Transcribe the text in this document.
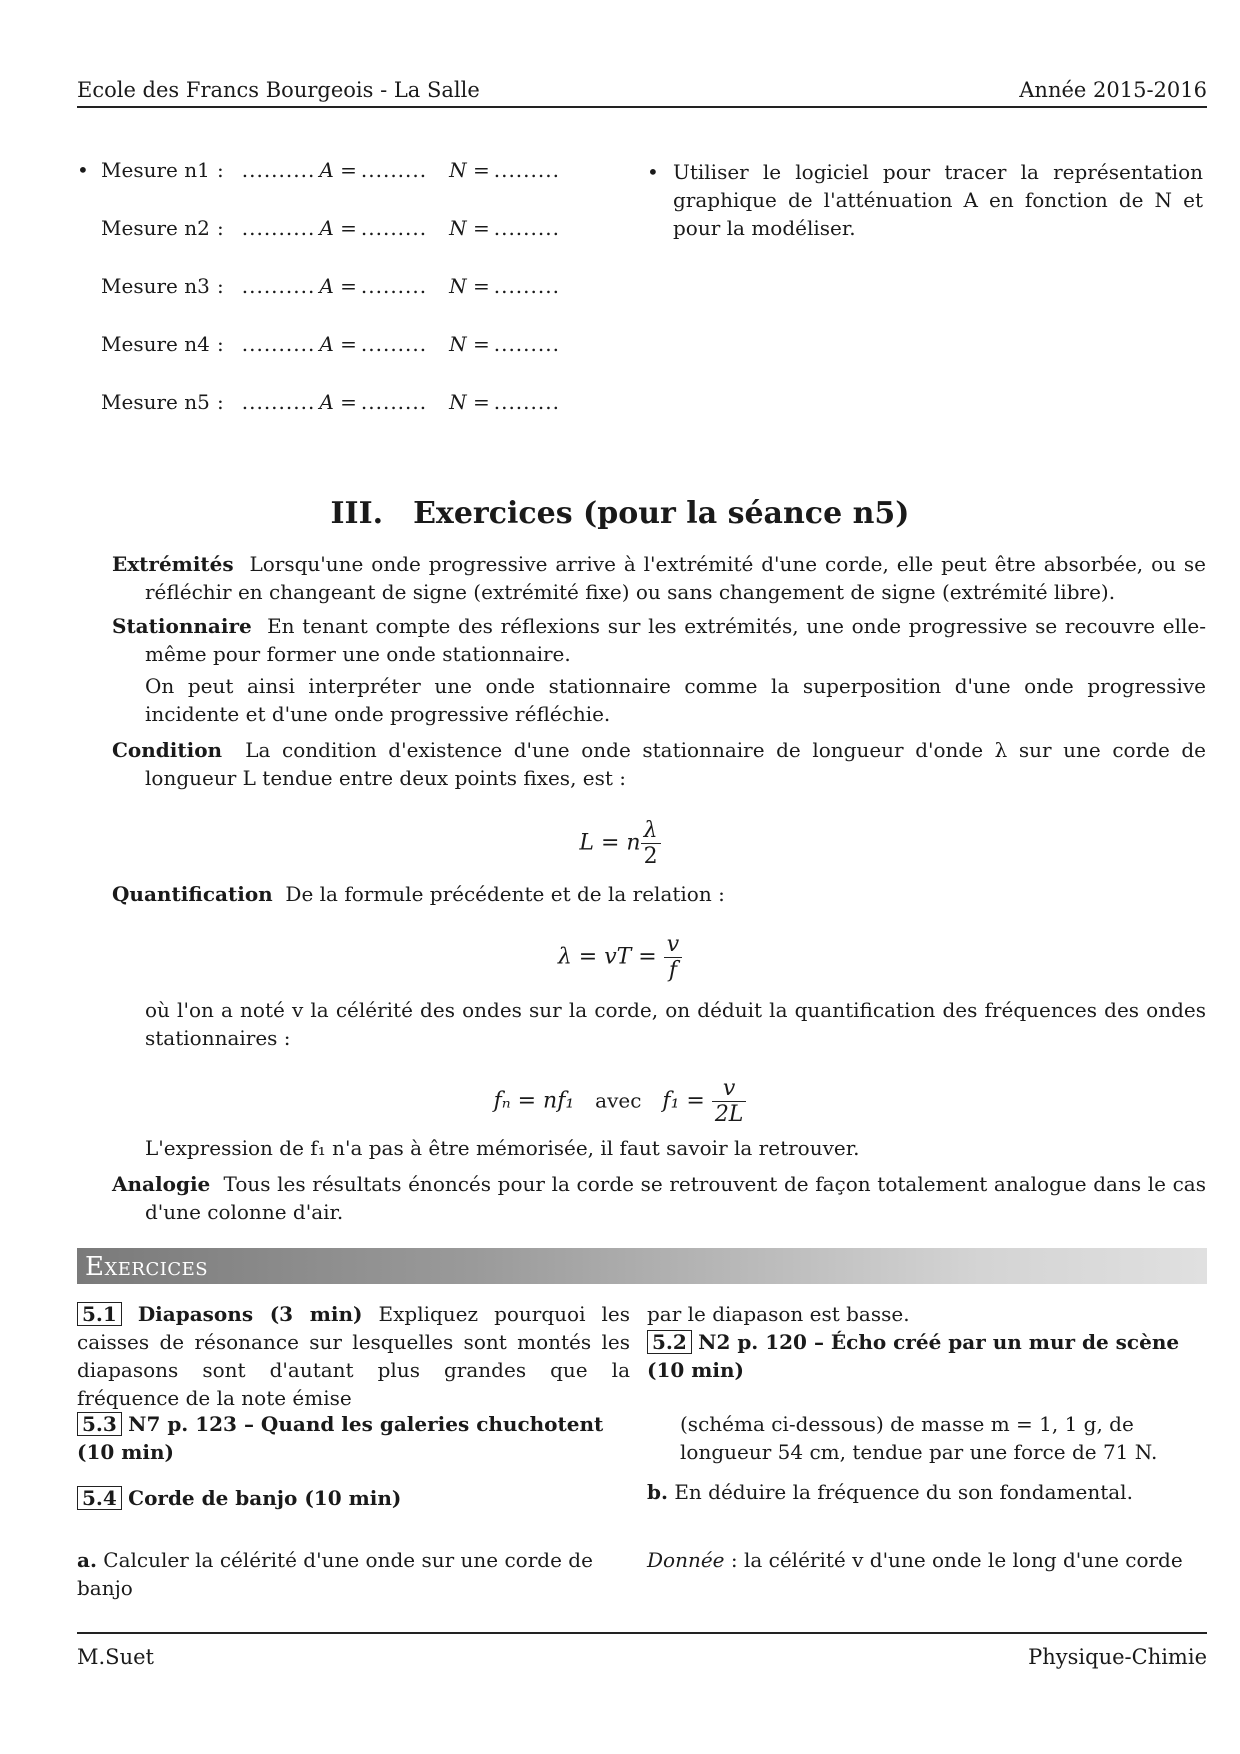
Ecole des Francs Bourgeois - La Salle	Année 2015-2016
• Mesure n1 : .......... A = ......... N = .........
Mesure n2 : .......... A = ......... N = .........
Mesure n3 : .......... A = ......... N = .........
Mesure n4 : .......... A = ......... N = .........
Mesure n5 : .......... A = ......... N = .........
• Utiliser le logiciel pour tracer la représentation graphique de l'atténuation A en fonction de N et pour la modéliser.
III. Exercices (pour la séance n5)
Extrémités Lorsqu'une onde progressive arrive à l'extrémité d'une corde, elle peut être absorbée, ou se réfléchir en changeant de signe (extrémité fixe) ou sans changement de signe (extrémité libre).
Stationnaire En tenant compte des réflexions sur les extrémités, une onde progressive se recouvre elle-même pour former une onde stationnaire.
On peut ainsi interpréter une onde stationnaire comme la superposition d'une onde progressive incidente et d'une onde progressive réfléchie.
Condition La condition d'existence d'une onde stationnaire de longueur d'onde λ sur une corde de longueur L tendue entre deux points fixes, est :
L = n $\frac{\lambda}{2}$
Quantification De la formule précédente et de la relation :
λ = vT = $\frac{v}{f}$
où l'on a noté v la célérité des ondes sur la corde, on déduit la quantification des fréquences des ondes stationnaires :
fₙ = nf₁ avec $f_1 = \frac{v}{2L}$
L'expression de f₁ n'a pas à être mémorisée, il faut savoir la retrouver.
Analogie Tous les résultats énoncés pour la corde se retrouvent de façon totalement analogue dans le cas d'une colonne d'air.
Exercices
5.1 Diapasons (3 min) Expliquez pourquoi les caisses de résonance sur lesquelles sont montés les diapasons sont d'autant plus grandes que la fréquence de la note émise
5.3 N7 p. 123 – Quand les galeries chuchotent (10 min)
5.4 Corde de banjo (10 min)
a. Calculer la célérité d'une onde sur une corde de banjo
par le diapason est basse.
5.2 N2 p. 120 – Écho créé par un mur de scène (10 min)
(schéma ci-dessous) de masse m = 1, 1 g, de longueur 54 cm, tendue par une force de 71 N.
b. En déduire la fréquence du son fondamental.
Donnée : la célérité v d'une onde le long d'une corde
M.Suet	Physique-Chimie
